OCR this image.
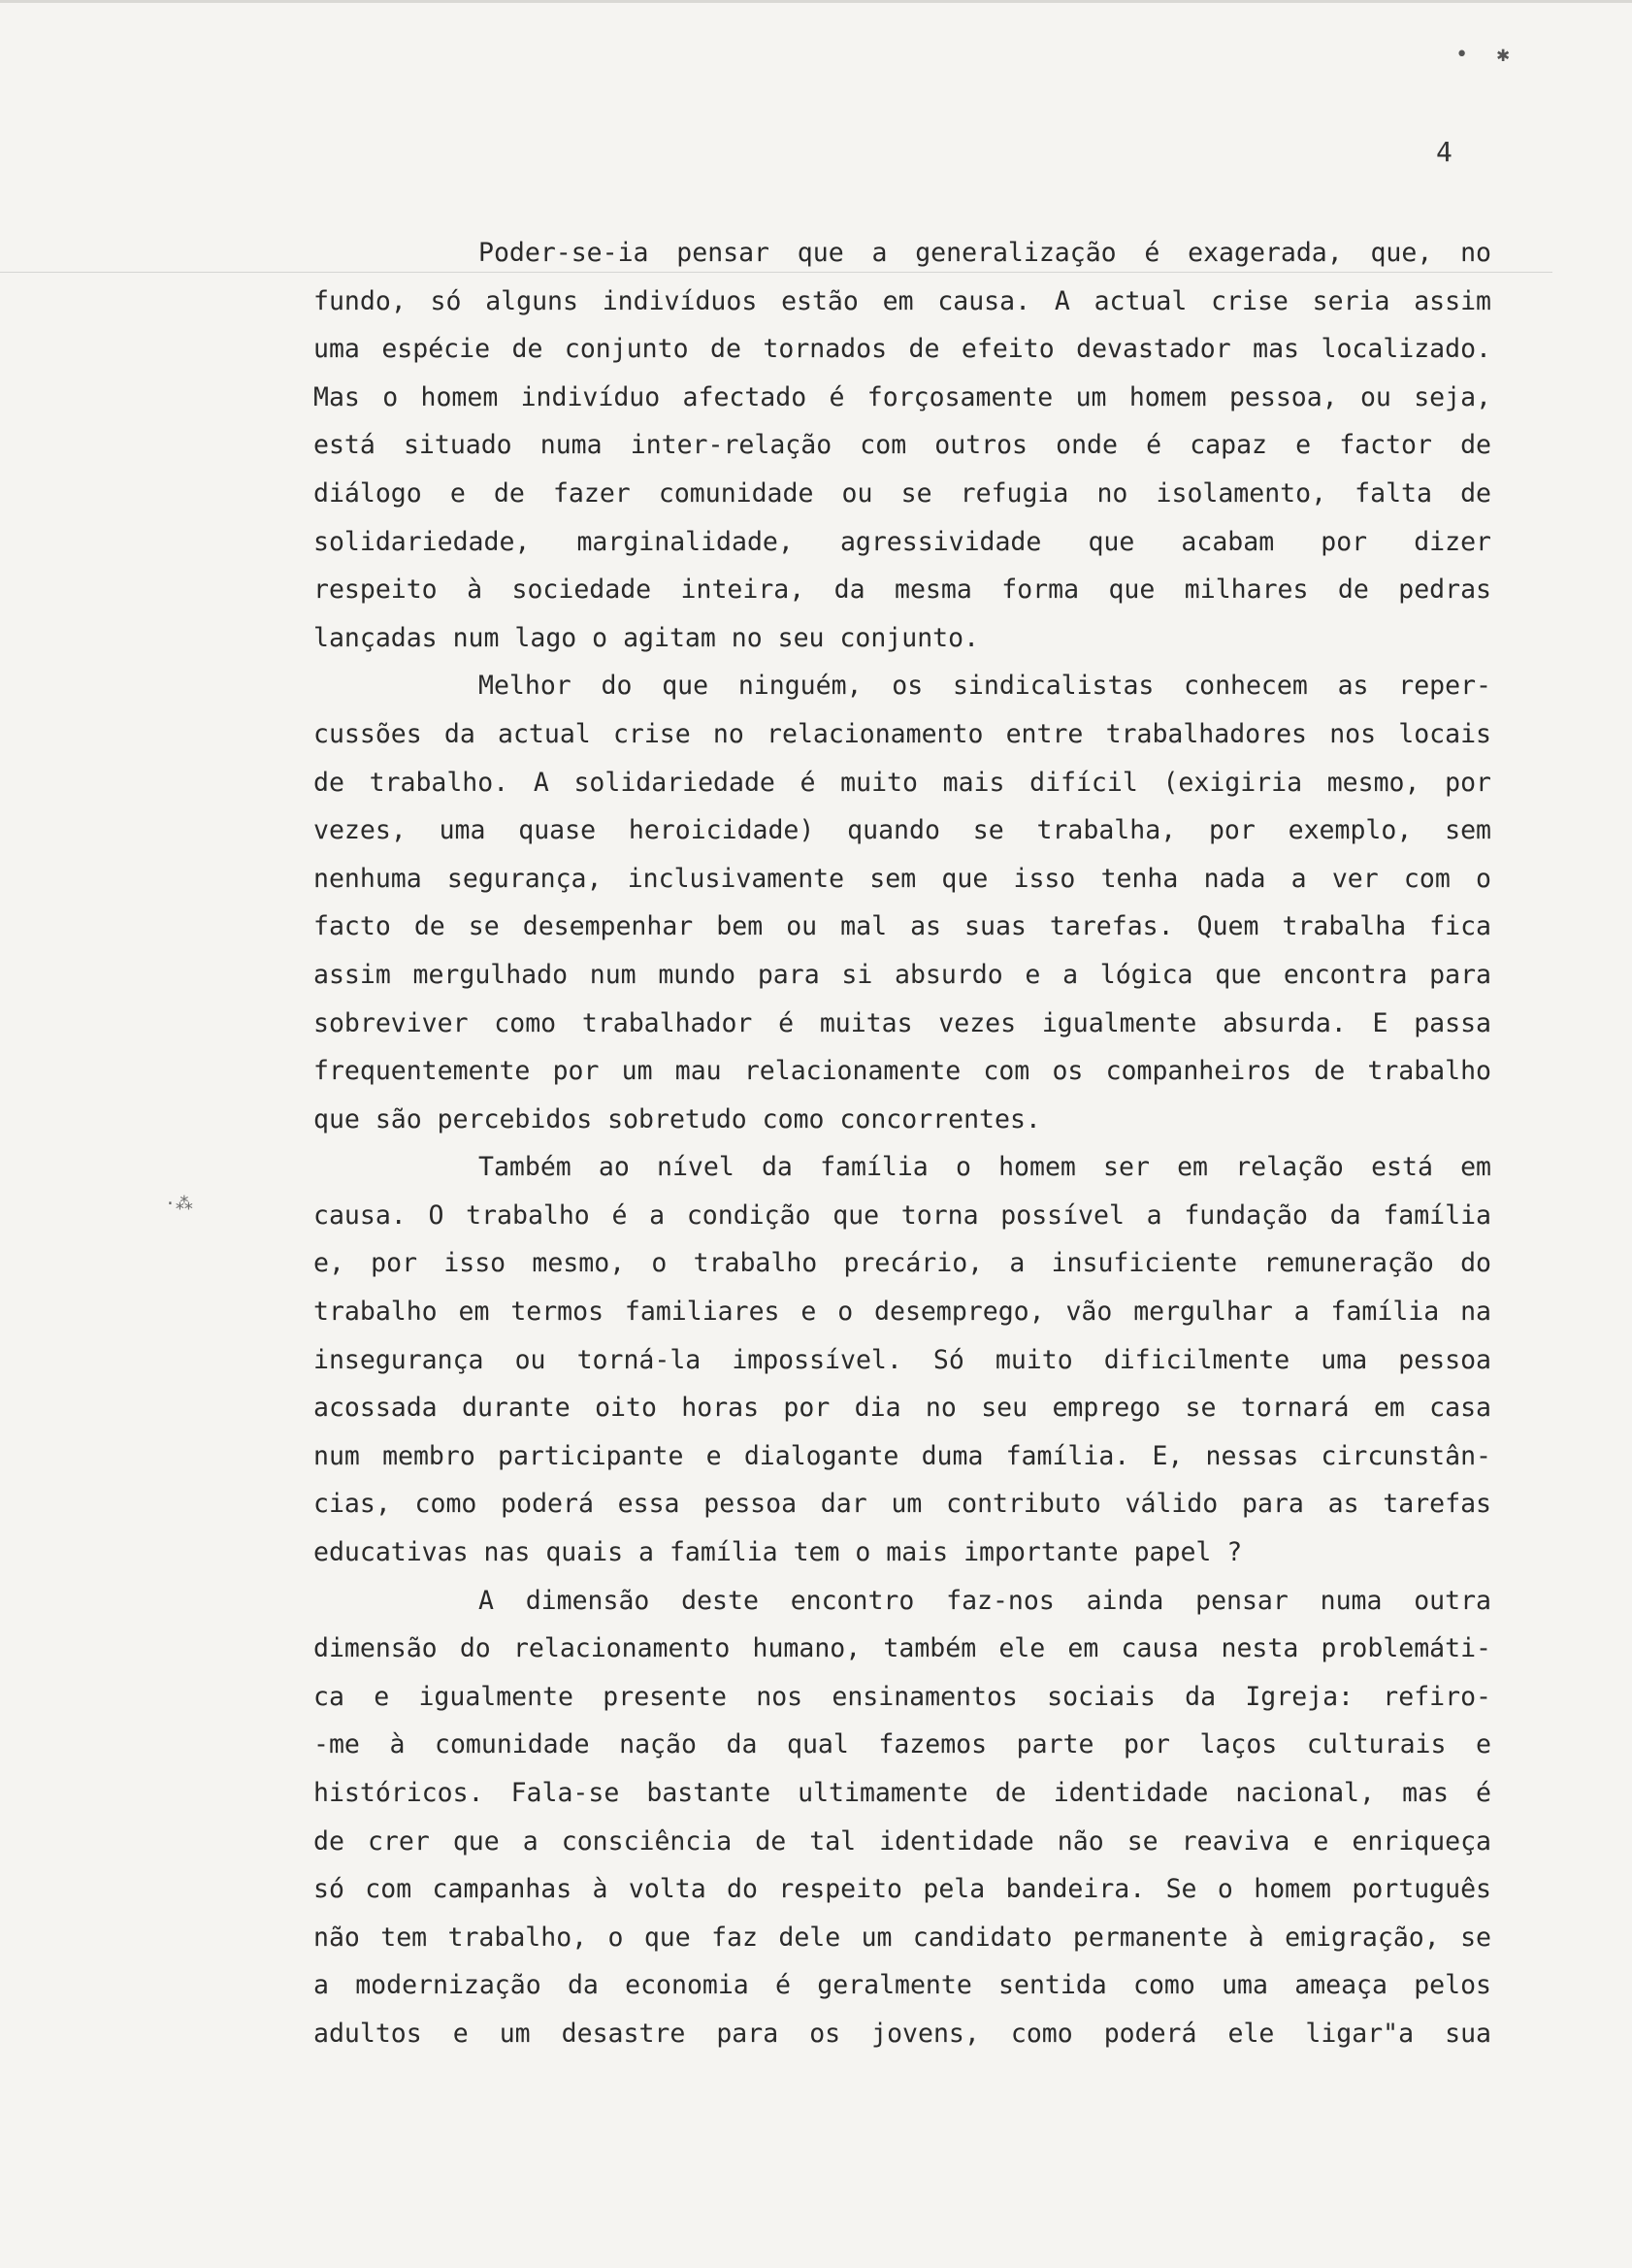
• ✱
·⁂
4
Poder-se-ia pensar que a generalização é exagerada, que, no
fundo, só alguns indivíduos estão em causa. A actual crise seria assim
uma espécie de conjunto de tornados de efeito devastador mas localizado.
Mas o homem indivíduo afectado é forçosamente um homem pessoa, ou seja,
está situado numa inter-relação com outros onde é capaz e factor de
diálogo e de fazer comunidade ou se refugia no isolamento, falta de
solidariedade, marginalidade, agressividade que acabam por dizer
respeito à sociedade inteira, da mesma forma que milhares de pedras
lançadas num lago o agitam no seu conjunto.
Melhor do que ninguém, os sindicalistas conhecem as reper-
cussões da actual crise no relacionamento entre trabalhadores nos locais
de trabalho. A solidariedade é muito mais difícil (exigiria mesmo, por
vezes, uma quase heroicidade) quando se trabalha, por exemplo, sem
nenhuma segurança, inclusivamente sem que isso tenha nada a ver com o
facto de se desempenhar bem ou mal as suas tarefas. Quem trabalha fica
assim mergulhado num mundo para si absurdo e a lógica que encontra para
sobreviver como trabalhador é muitas vezes igualmente absurda. E passa
frequentemente por um mau relacionamente com os companheiros de trabalho
que são percebidos sobretudo como concorrentes.
Também ao nível da família o homem ser em relação está em
causa. O trabalho é a condição que torna possível a fundação da família
e, por isso mesmo, o trabalho precário, a insuficiente remuneração do
trabalho em termos familiares e o desemprego, vão mergulhar a família na
insegurança ou torná-la impossível. Só muito dificilmente uma pessoa
acossada durante oito horas por dia no seu emprego se tornará em casa
num membro participante e dialogante duma família. E, nessas circunstân-
cias, como poderá essa pessoa dar um contributo válido para as tarefas
educativas nas quais a família tem o mais importante papel ?
A dimensão deste encontro faz-nos ainda pensar numa outra
dimensão do relacionamento humano, também ele em causa nesta problemáti-
ca e igualmente presente nos ensinamentos sociais da Igreja: refiro-
-me à comunidade nação da qual fazemos parte por laços culturais e
históricos. Fala-se bastante ultimamente de identidade nacional, mas é
de crer que a consciência de tal identidade não se reaviva e enriqueça
só com campanhas à volta do respeito pela bandeira. Se o homem português
não tem trabalho, o que faz dele um candidato permanente à emigração, se
a modernização da economia é geralmente sentida como uma ameaça pelos
adultos e um desastre para os jovens, como poderá ele ligar"a sua
